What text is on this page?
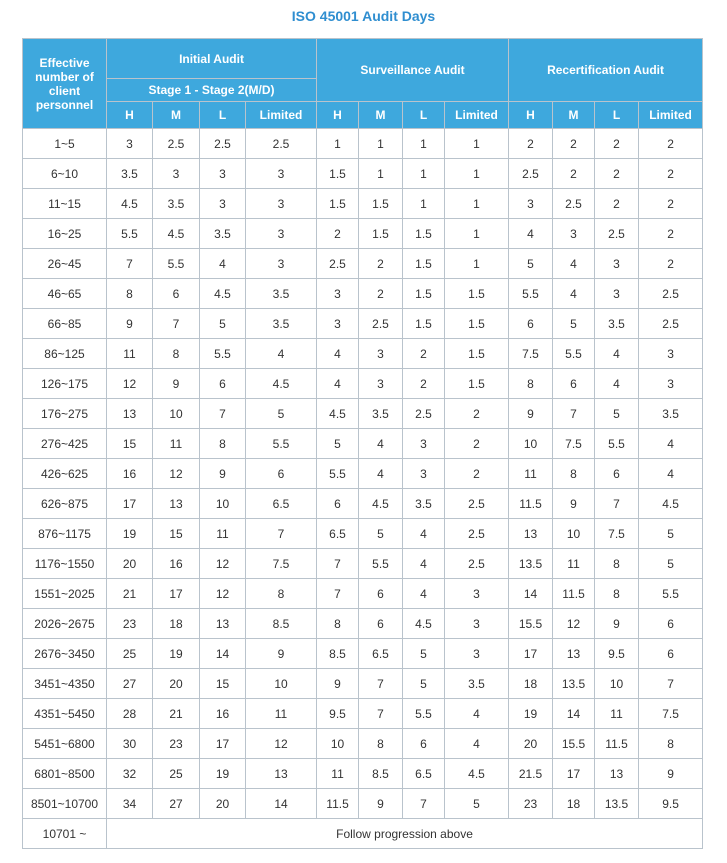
ISO 45001 Audit Days
Effective number of client personnel	Initial Audit				Surveillance Audit				Recertification Audit			
	Stage 1 - Stage 2(M/D)											
	H	M	L	Limited	H	M	L	Limited	H	M	L	Limited
1~5	3	2.5	2.5	2.5	1	1	1	1	2	2	2	2
6~10	3.5	3	3	3	1.5	1	1	1	2.5	2	2	2
11~15	4.5	3.5	3	3	1.5	1.5	1	1	3	2.5	2	2
16~25	5.5	4.5	3.5	3	2	1.5	1.5	1	4	3	2.5	2
26~45	7	5.5	4	3	2.5	2	1.5	1	5	4	3	2
46~65	8	6	4.5	3.5	3	2	1.5	1.5	5.5	4	3	2.5
66~85	9	7	5	3.5	3	2.5	1.5	1.5	6	5	3.5	2.5
86~125	11	8	5.5	4	4	3	2	1.5	7.5	5.5	4	3
126~175	12	9	6	4.5	4	3	2	1.5	8	6	4	3
176~275	13	10	7	5	4.5	3.5	2.5	2	9	7	5	3.5
276~425	15	11	8	5.5	5	4	3	2	10	7.5	5.5	4
426~625	16	12	9	6	5.5	4	3	2	11	8	6	4
626~875	17	13	10	6.5	6	4.5	3.5	2.5	11.5	9	7	4.5
876~1175	19	15	11	7	6.5	5	4	2.5	13	10	7.5	5
1176~1550	20	16	12	7.5	7	5.5	4	2.5	13.5	11	8	5
1551~2025	21	17	12	8	7	6	4	3	14	11.5	8	5.5
2026~2675	23	18	13	8.5	8	6	4.5	3	15.5	12	9	6
2676~3450	25	19	14	9	8.5	6.5	5	3	17	13	9.5	6
3451~4350	27	20	15	10	9	7	5	3.5	18	13.5	10	7
4351~5450	28	21	16	11	9.5	7	5.5	4	19	14	11	7.5
5451~6800	30	23	17	12	10	8	6	4	20	15.5	11.5	8
6801~8500	32	25	19	13	11	8.5	6.5	4.5	21.5	17	13	9
8501~10700	34	27	20	14	11.5	9	7	5	23	18	13.5	9.5
10701 ~	Follow progression above											
